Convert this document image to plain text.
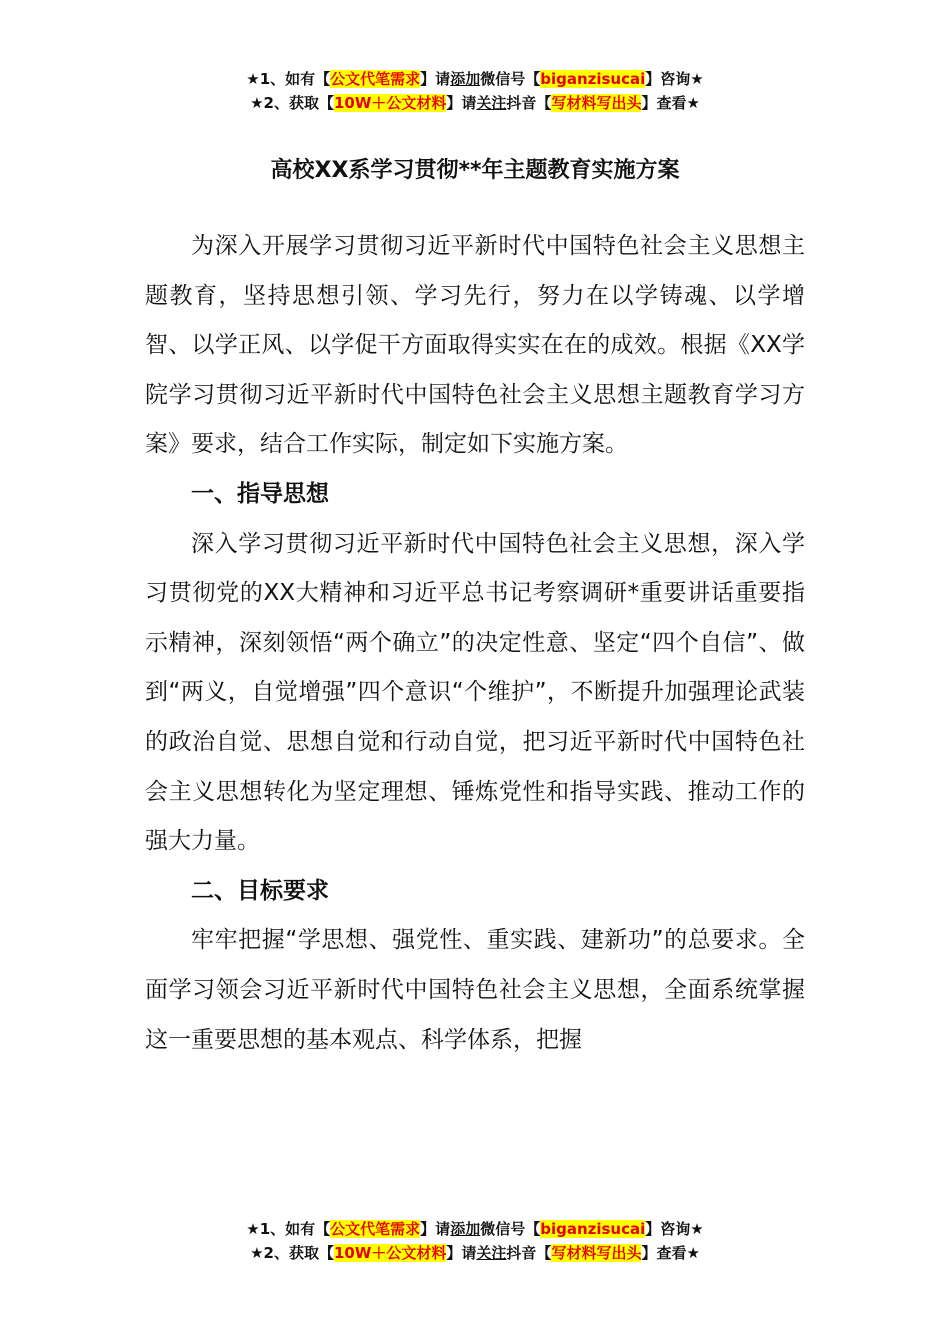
★1、如有【公文代笔需求】请添加微信号【biganzisucai】咨询★
★2、获取【10W＋公文材料】请关注抖音【写材料写出头】查看★
高校XX系学习贯彻**年主题教育实施方案

为深入开展学习贯彻习近平新时代中国特色社会主义思想主题教育，坚持思想引领、学习先行，努力在以学铸魂、以学增智、以学正风、以学促干方面取得实实在在的成效。根据《XX学院学习贯彻习近平新时代中国特色社会主义思想主题教育学习方案》要求，结合工作实际，制定如下实施方案。

一、指导思想

深入学习贯彻习近平新时代中国特色社会主义思想，深入学习贯彻党的XX大精神和习近平总书记考察调研*重要讲话重要指示精神，深刻领悟“两个确立”的决定性意、坚定“四个自信”、做到“两义，自觉增强”四个意识“个维护”，不断提升加强理论武装的政治自觉、思想自觉和行动自觉，把习近平新时代中国特色社会主义思想转化为坚定理想、锤炼党性和指导实践、推动工作的强大力量。

二、目标要求

牢牢把握“学思想、强党性、重实践、建新功”的总要求。全面学习领会习近平新时代中国特色社会主义思想，全面系统掌握这一重要思想的基本观点、科学体系，把握

★1、如有【公文代笔需求】请添加微信号【biganzisucai】咨询★
★2、获取【10W＋公文材料】请关注抖音【写材料写出头】查看★
